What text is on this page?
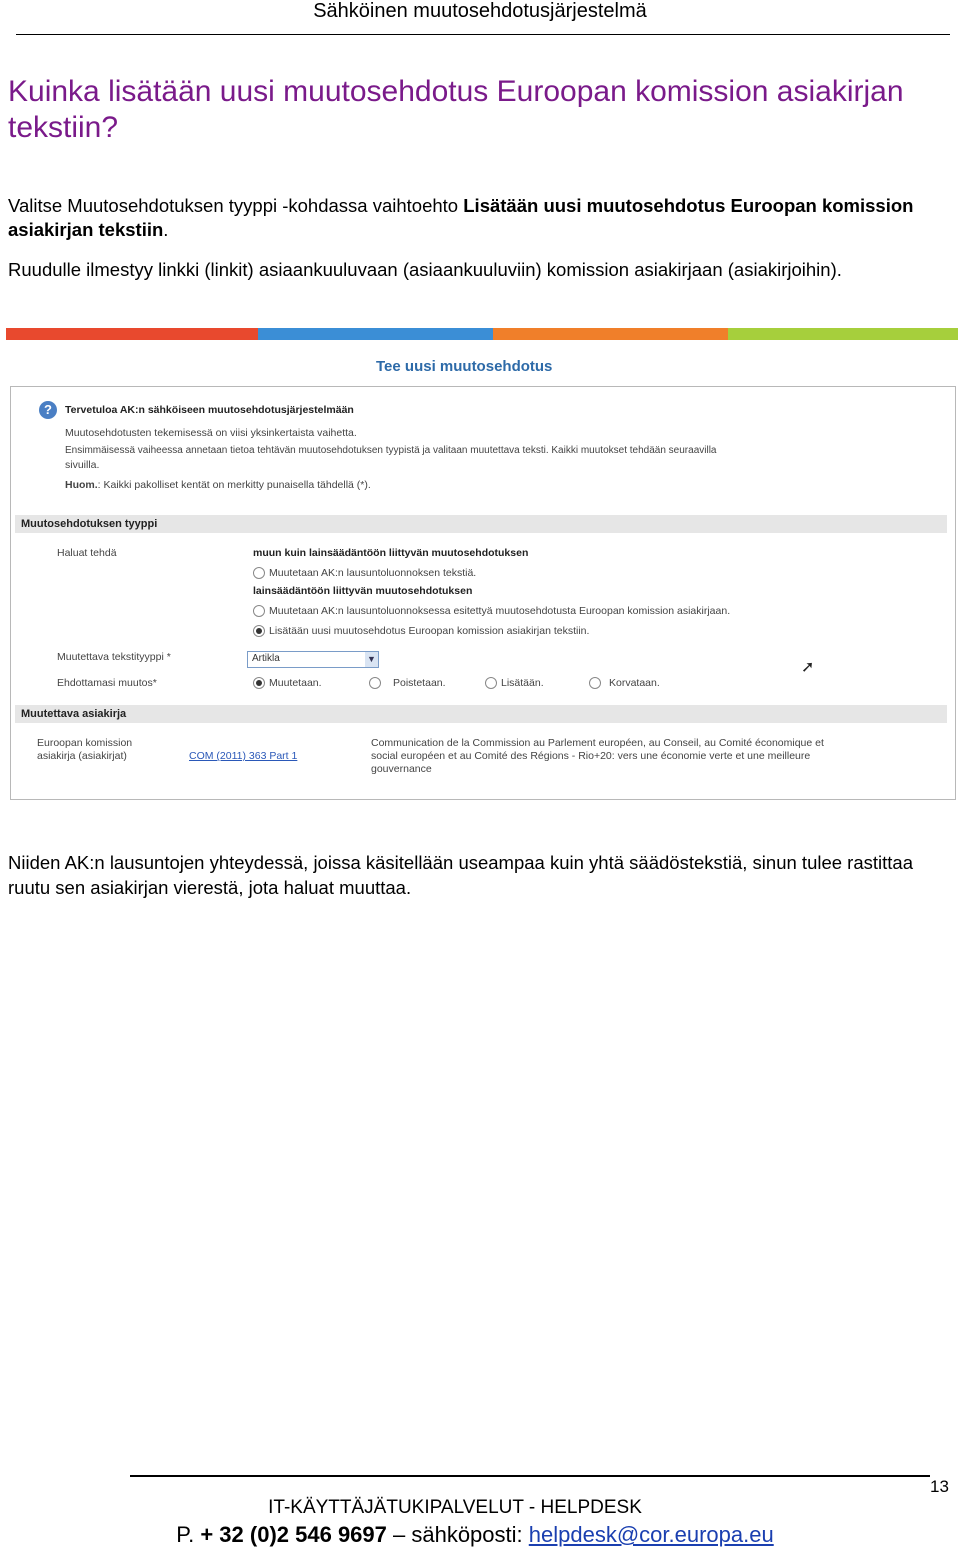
Sähköinen muutosehdotusjärjestelmä
Kuinka lisätään uusi muutosehdotus Euroopan komission asiakirjan tekstiin?
Valitse Muutosehdotuksen tyyppi -kohdassa vaihtoehto Lisätään uusi muutosehdotus Euroopan komission asiakirjan tekstiin.
Ruudulle ilmestyy linkki (linkit) asiaankuuluvaan (asiaankuuluviin) komission asiakirjaan (asiakirjoihin).
Tee uusi muutosehdotus
?	Tervetuloa AK:n sähköiseen muutosehdotusjärjestelmään
Muutosehdotusten tekemisessä on viisi yksinkertaista vaihetta.
Ensimmäisessä vaiheessa annetaan tietoa tehtävän muutosehdotuksen tyypistä ja valitaan muutettava teksti. Kaikki muutokset tehdään seuraavilla
sivuilla.
Huom.: Kaikki pakolliset kentät on merkitty punaisella tähdellä (*).
Muutosehdotuksen tyyppi
Haluat tehdä	muun kuin lainsäädäntöön liittyvän muutosehdotuksen
Muutetaan AK:n lausuntoluonnoksen tekstiä.
lainsäädäntöön liittyvän muutosehdotuksen
Muutetaan AK:n lausuntoluonnoksessa esitettyä muutosehdotusta Euroopan komission asiakirjaan.
Lisätään uusi muutosehdotus Euroopan komission asiakirjan tekstiin.
Muutettava tekstityyppi *	Artikla	▼	➚
Ehdottamasi muutos*	Muutetaan.	Poistetaan.	Lisätään.	Korvataan.
Muutettava asiakirja
Euroopan komission
asiakirja (asiakirjat)	COM (2011) 363 Part 1
Communication de la Commission au Parlement européen, au Conseil, au Comité économique et
social européen et au Comité des Régions - Rio+20: vers une économie verte et une meilleure
gouvernance
Niiden AK:n lausuntojen yhteydessä, joissa käsitellään useampaa kuin yhtä säädöstekstiä, sinun tulee rastittaa ruutu sen asiakirjan vierestä, jota haluat muuttaa.
13
IT-KÄYTTÄJÄTUKIPALVELUT - HELPDESK
P. + 32 (0)2 546 9697 – sähköposti: helpdesk@cor.europa.eu
